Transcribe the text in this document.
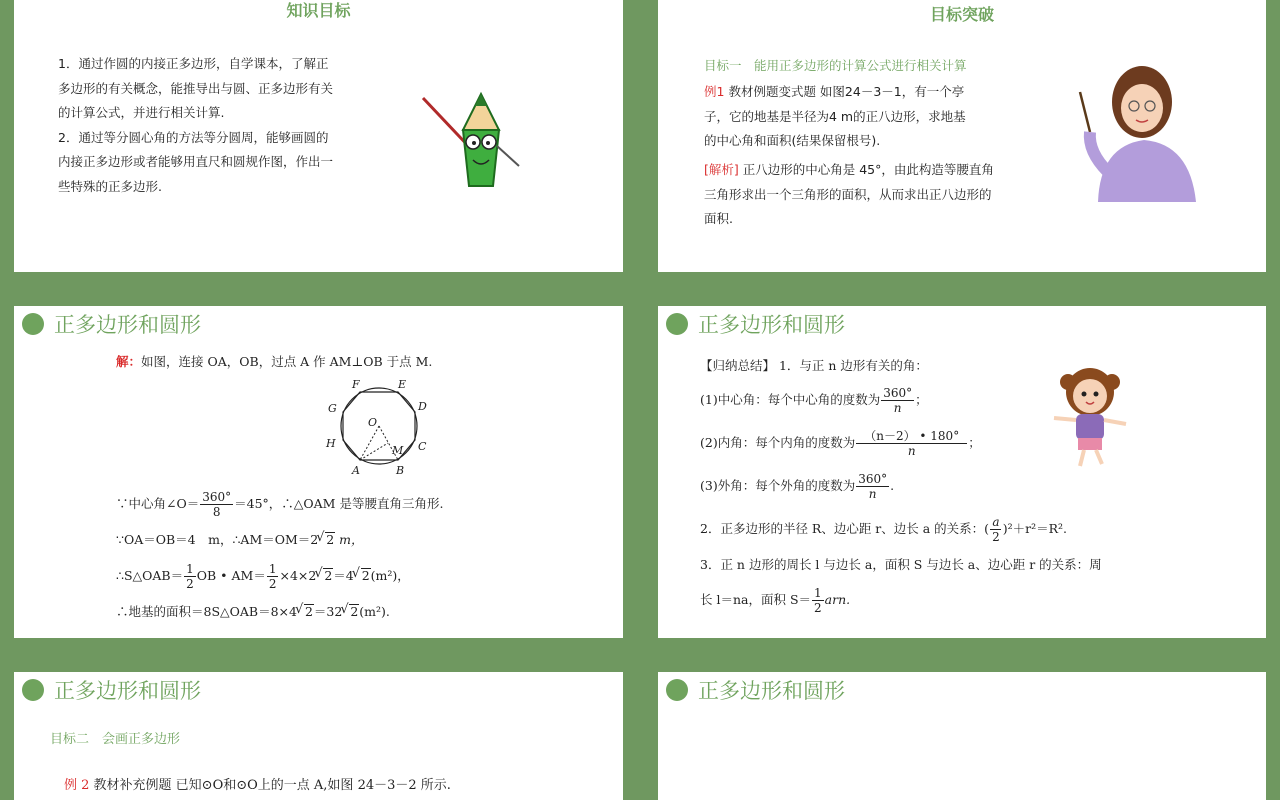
知识目标
1．通过作圆的内接正多边形，自学课本，了解正
多边形的有关概念，能推导出与圆、正多边形有关
的计算公式，并进行相关计算.
2．通过等分圆心角的方法等分圆周，能够画圆的
内接正多边形或者能够用直尺和圆规作图，作出一
些特殊的正多边形.
目标突破
目标一　能用正多边形的计算公式进行相关计算
例1 教材例题变式题 如图24－3－1，有一个亭
子，它的地基是半径为4 m的正八边形，求地基
的中心角和面积(结果保留根号).
[解析] 正八边形的中心角是 45°，由此构造等腰直角
三角形求出一个三角形的面积，从而求出正八边形的
面积.
正多边形和圆形
解：如图，连接 OA，OB，过点 A 作 AM⊥OB 于点 M.
F	E
G	D
O
H
M C
A	B
∵中心角∠O＝ $\frac{360^\circ}{8} =45^\circ$，∴△OAM 是等腰直角三角形.
∵OA＝OB＝4　m，∴AM＝OM＝2 √ 2 m，
∴S△OAB＝ $\frac{1}{2}$ OB • $AM= \frac{1}{2} \times 4\times 2$ √ 2＝4 √ 2(m²)，
∴地基的面积＝8S△OAB＝8×4 √ 2＝32 √ 2(m²).
正多边形和圆形
【归纳总结】 1．与正 n 边形有关的角：
(1)中心角：每个中心角的度数为 $\frac{360^\circ}{n}$ ；
(2)内角：每个内角的度数为 $\frac{(n-2) • 180^\circ}{n}$ ；
(3)外角：每个外角的度数为 $\frac{360^\circ}{n}$ .
2．正多边形的半径 R、边心距 r、边长 a 的关系：( $\frac{a}{2} )^2+r^2=R^2$.
3．正 n 边形的周长 l 与边长 a，面积 S 与边长 a、边心距 r 的关系：周
长 l＝na，面积 $S= \frac{1}{2}$ arn.
正多边形和圆形
目标二　会画正多边形
例 2 教材补充例题 已知⊙O和⊙O上的一点 A,如图 24－3－2 所示.
正多边形和圆形
